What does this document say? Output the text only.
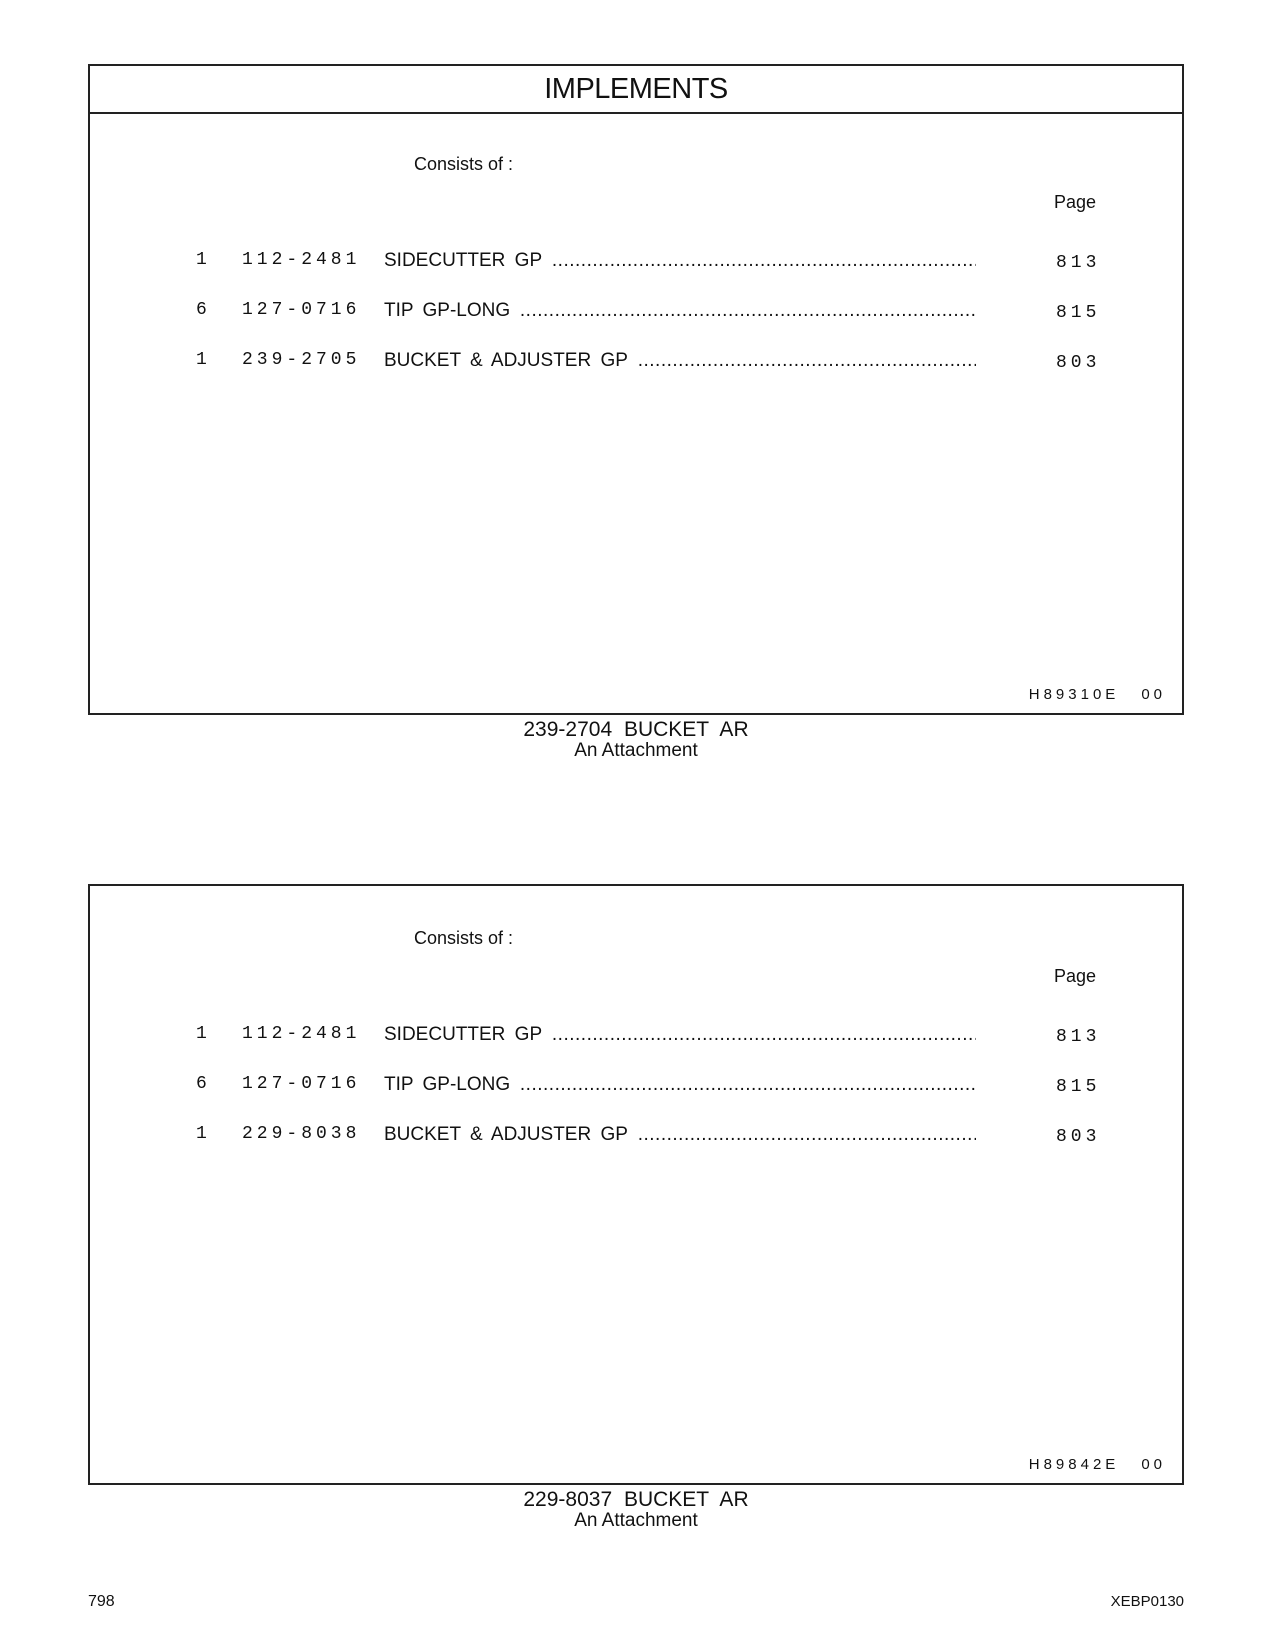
IMPLEMENTS
Consists of :
Page
1	112-2481 SIDECUTTER GP .....	813
6	127-0716 TIP GP-LONG .....	815
1	239-2705 BUCKET & ADJUSTER GP .....	803
H89310E 00
239-2704 BUCKET AR
An Attachment
Consists of :
Page
1	112-2481 SIDECUTTER GP .....	813
6	127-0716 TIP GP-LONG .....	815
1	229-8038 BUCKET & ADJUSTER GP .....	803
H89842E 00
229-8037 BUCKET AR
An Attachment
798	XEBP0130
